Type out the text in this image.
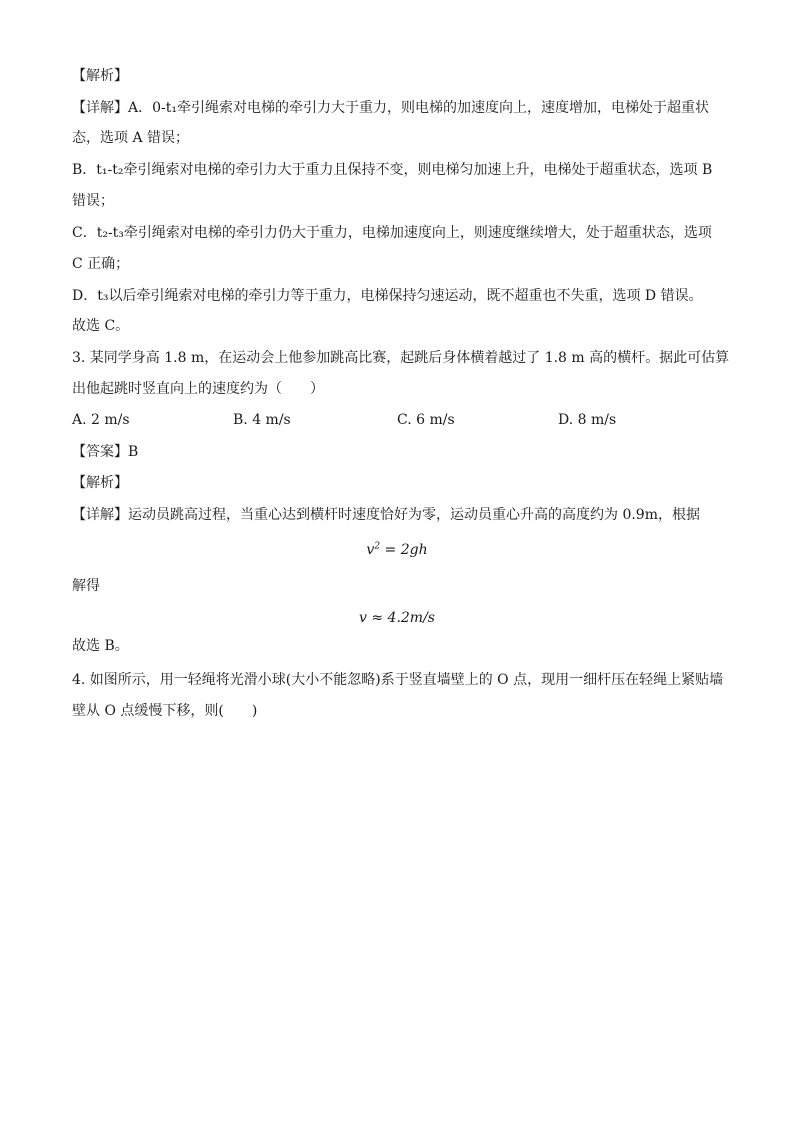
【解析】
【详解】A．0-t₁牵引绳索对电梯的牵引力大于重力，则电梯的加速度向上，速度增加，电梯处于超重状
态，选项 A 错误；
B．t₁-t₂牵引绳索对电梯的牵引力大于重力且保持不变，则电梯匀加速上升，电梯处于超重状态，选项 B
错误；
C．t₂-t₃牵引绳索对电梯的牵引力仍大于重力，电梯加速度向上，则速度继续增大，处于超重状态，选项
C 正确；
D．t₃以后牵引绳索对电梯的牵引力等于重力，电梯保持匀速运动，既不超重也不失重，选项 D 错误。
故选 C。
3. 某同学身高 1.8 m，在运动会上他参加跳高比赛，起跳后身体横着越过了 1.8 m 高的横杆。据此可估算
出他起跳时竖直向上的速度约为（　　）
A. 2 m/s	B. 4 m/s	C. 6 m/s	D. 8 m/s
【答案】B
【解析】
【详解】运动员跳高过程，当重心达到横杆时速度恰好为零，运动员重心升高的高度约为 0.9m，根据
$v^2 = 2gh$
解得
v ≈ 4.2m/s
故选 B。
4. 如图所示，用一轻绳将光滑小球(大小不能忽略)系于竖直墙壁上的 O 点，现用一细杆压在轻绳上紧贴墙
壁从 O 点缓慢下移，则(　　)
